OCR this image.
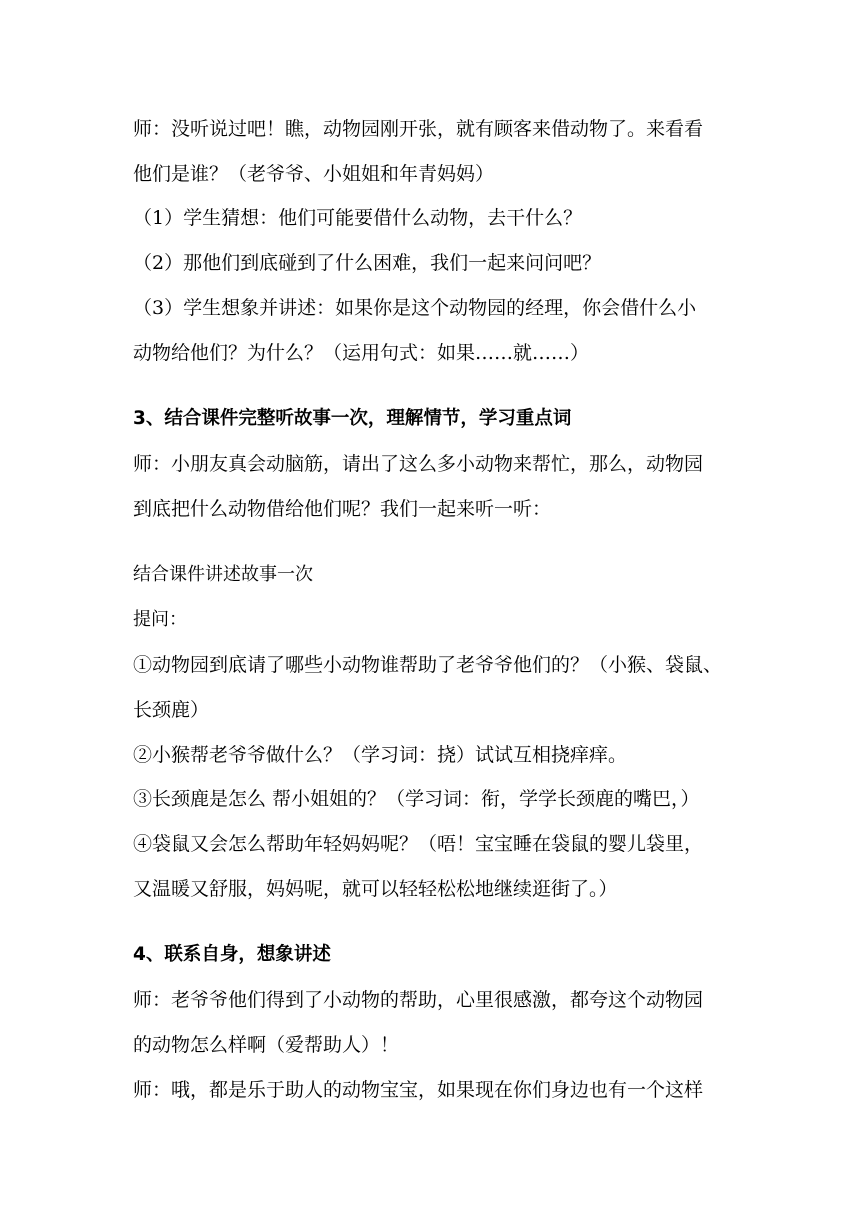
师：没听说过吧！瞧，动物园刚开张，就有顾客来借动物了。来看看
他们是谁？（老爷爷、小姐姐和年青妈妈）
（1）学生猜想：他们可能要借什么动物，去干什么？
（2）那他们到底碰到了什么困难，我们一起来问问吧？
（3）学生想象并讲述：如果你是这个动物园的经理，你会借什么小
动物给他们？为什么？（运用句式：如果……就……）
3、结合课件完整听故事一次，理解情节，学习重点词
师：小朋友真会动脑筋，请出了这么多小动物来帮忙，那么，动物园
到底把什么动物借给他们呢？我们一起来听一听：
结合课件讲述故事一次
提问：
①动物园到底请了哪些小动物谁帮助了老爷爷他们的？（小猴、袋鼠、
长颈鹿）
②小猴帮老爷爷做什么？（学习词：挠）试试互相挠痒痒。
③长颈鹿是怎么 帮小姐姐的？（学习词：衔，学学长颈鹿的嘴巴，）
④袋鼠又会怎么帮助年轻妈妈呢？（唔！宝宝睡在袋鼠的婴儿袋里，
又温暖又舒服，妈妈呢，就可以轻轻松松地继续逛街了。）
4、联系自身，想象讲述
师：老爷爷他们得到了小动物的帮助，心里很感激，都夸这个动物园
的动物怎么样啊（爱帮助人）！
师：哦，都是乐于助人的动物宝宝，如果现在你们身边也有一个这样
